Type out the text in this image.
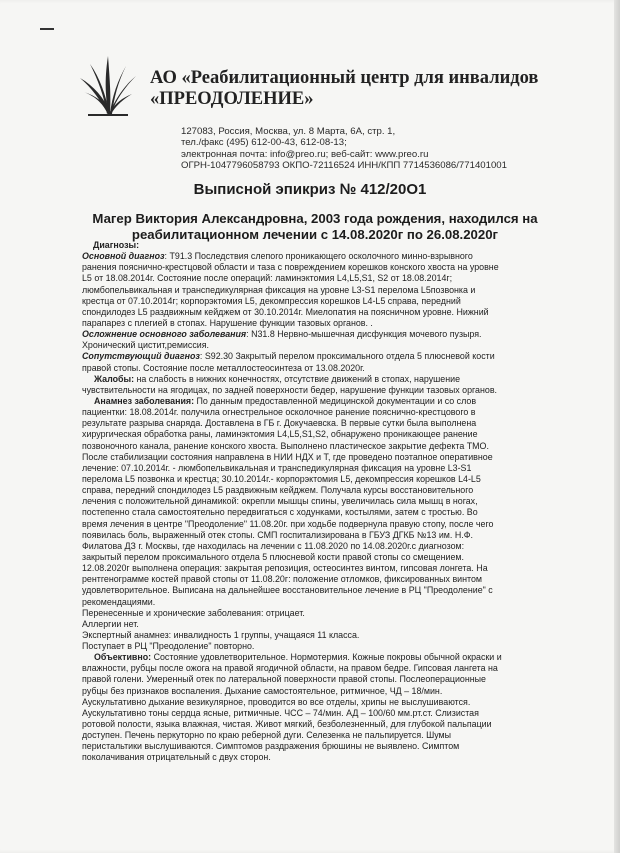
АО «Реабилитационный центр для инвалидов
«ПРЕОДОЛЕНИЕ»
127083, Россия, Москва, ул. 8 Марта, 6А, стр. 1,
тел./факс (495) 612-00-43, 612-08-13;
электронная почта: info@preo.ru; веб-сайт: www.preo.ru
ОГРН-1047796058793 ОКПО-72116524 ИНН/КПП 7714536086/771401001
Выписной эпикриз № 412/20О1
Магер Виктория Александровна, 2003 года рождения, находился на
реабилитационном лечении с 14.08.2020г по 26.08.2020г
Диагнозы:
Основной диагноз: Т91.3 Последствия слепого проникающего осколочного минно-взрывного
ранения пояснично-крестцовой области и таза с повреждением корешков конского хвоста на уровне
L5 от 18.08.2014г. Состояние после операций: ламинэктомия L4,L5,S1, S2 от 18.08.2014г;
люмбопельвикальная и транспедикулярная фиксация на уровне L3-S1 перелома L5позвонка и
крестца от 07.10.2014г; корпорэктомия L5, декомпрессия корешков L4-L5 справа, передний
спондилодез L5 раздвижным кейджем от 30.10.2014г. Миелопатия на поясничном уровне. Нижний
парапарез с плегией в стопах. Нарушение функции тазовых органов. .
Осложнение основного заболевания: N31.8 Нервно-мышечная дисфункция мочевого пузыря.
Хронический цистит,ремиссия.
Сопутствующий диагноз: S92.30 Закрытый перелом проксимального отдела 5 плюсневой кости
правой стопы. Состояние после металлостеосинтеза от 13.08.2020г.
Жалобы: на слабость в нижних конечностях, отсутствие движений в стопах, нарушение
чувствительности на ягодицах, по задней поверхности бедер, нарушение функции тазовых органов.
Анамнез заболевания: По данным предоставленной медицинской документации и со слов
пациентки: 18.08.2014г. получила огнестрельное осколочное ранение пояснично-крестцового в
результате разрыва снаряда. Доставлена в ГБ г. Докучаевска. В первые сутки была выполнена
хирургическая обработка раны, ламинэктомия L4,L5,S1,S2, обнаружено проникающее ранение
позвоночного канала, ранение конского хвоста. Выполнено пластическое закрытие дефекта ТМО.
После стабилизации состояния направлена в НИИ НДХ и Т, где проведено поэтапное оперативное
лечение: 07.10.2014г. - люмбопельвикальная и транспедикулярная фиксация на уровне L3-S1
перелома L5 позвонка и крестца; 30.10.2014г.- корпорэктомия L5, декомпрессия корешков L4-L5
справа, передний спондилодез L5 раздвижным кейджем. Получала курсы восстановительного
лечения с положительной динамикой: окрепли мышцы спины, увеличилась сила мышц в ногах,
постепенно стала самостоятельно передвигаться с ходунками, костылями, затем с тростью. Во
время лечения в центре "Преодоление" 11.08.20г. при ходьбе подвернула правую стопу, после чего
появилась боль, выраженный отек стопы. СМП госпитализирована в ГБУЗ ДГКБ №13 им. Н.Ф.
Филатова ДЗ г. Москвы, где находилась на лечении с 11.08.2020 по 14.08.2020г.с диагнозом:
закрытый перелом проксимального отдела 5 плюсневой кости правой стопы со смещением.
12.08.2020г выполнена операция: закрытая репозиция, остеосинтез винтом, гипсовая лонгета. На
рентгенограмме костей правой стопы от 11.08.20г: положение отломков, фиксированных винтом
удовлетворительное. Выписана на дальнейшее восстановительное лечение в РЦ "Преодоление" с
рекомендациями.
Перенесенные и хронические заболевания: отрицает.
Аллергии нет.
Экспертный анамнез: инвалидность 1 группы, учащаяся 11 класса.
Поступает в РЦ "Преодоление" повторно.
Объективно: Состояние удовлетворительное. Нормотермия. Кожные покровы обычной окраски и
влажности, рубцы после ожога на правой ягодичной области, на правом бедре. Гипсовая лангета на
правой голени. Умеренный отек по латеральной поверхности правой стопы. Послеоперационные
рубцы без признаков воспаления. Дыхание самостоятельное, ритмичное, ЧД – 18/мин.
Аускультативно дыхание везикулярное, проводится во все отделы, хрипы не выслушиваются.
Аускультативно тоны сердца ясные, ритмичные. ЧСС – 74/мин. АД – 100/60 мм.рт.ст. Слизистая
ротовой полости, языка влажная, чистая. Живот мягкий, безболезненный, для глубокой пальпации
доступен. Печень перкуторно по краю реберной дуги. Селезенка не пальпируется. Шумы
перистальтики выслушиваются. Симптомов раздражения брюшины не выявлено. Симптом
поколачивания отрицательный с двух сторон.
